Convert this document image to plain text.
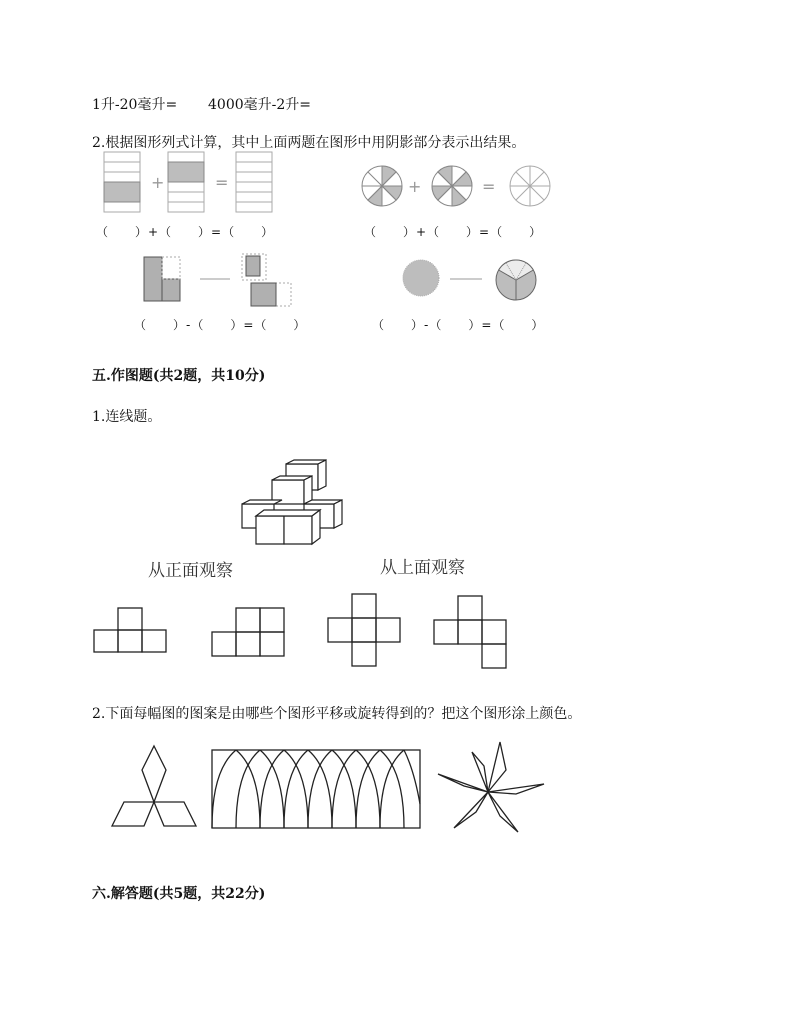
1升-20毫升= 4000毫升-2升=
2.根据图形列式计算，其中上面两题在图形中用阴影部分表示出结果。
+	=	+	=
（　　）+（　　）=（　　）	（　　）+（　　）=（　　）
（　　）-（　　）=（　　）	（　　）-（　　）=（　　）
五.作图题(共2题，共10分)
1.连线题。
从正面观察	从上面观察
2.下面每幅图的图案是由哪些个图形平移或旋转得到的？把这个图形涂上颜色。
六.解答题(共5题，共22分)
